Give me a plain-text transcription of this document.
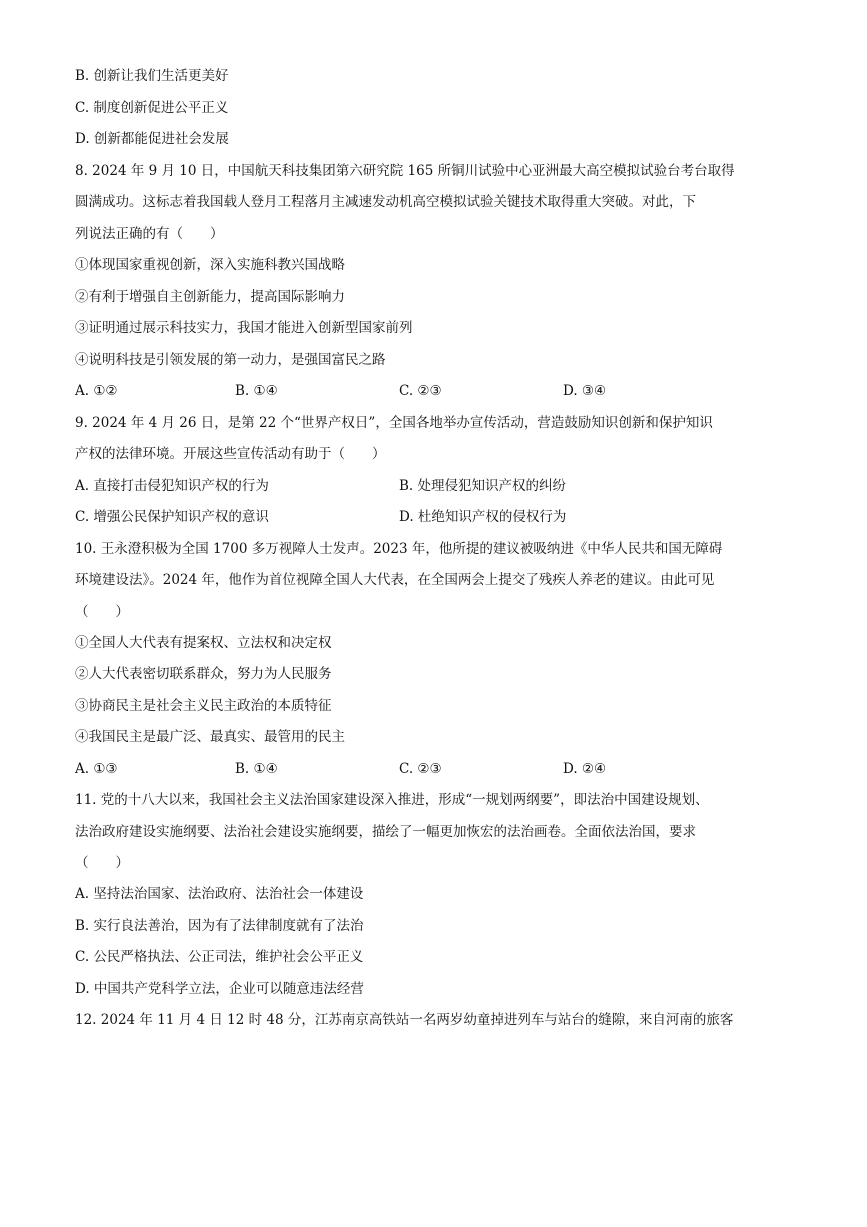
B. 创新让我们生活更美好
C. 制度创新促进公平正义
D. 创新都能促进社会发展
8. 2024 年 9 月 10 日，中国航天科技集团第六研究院 165 所铜川试验中心亚洲最大高空模拟试验台考台取得
圆满成功。这标志着我国载人登月工程落月主减速发动机高空模拟试验关键技术取得重大突破。对此，下
列说法正确的有（　　）
①体现国家重视创新，深入实施科教兴国战略
②有利于增强自主创新能力，提高国际影响力
③证明通过展示科技实力，我国才能进入创新型国家前列
④说明科技是引领发展的第一动力，是强国富民之路
A. ①②	B. ①④	C. ②③	D. ③④
9. 2024 年 4 月 26 日，是第 22 个“世界产权日”，全国各地举办宣传活动，营造鼓励知识创新和保护知识
产权的法律环境。开展这些宣传活动有助于（　　）
A. 直接打击侵犯知识产权的行为	B. 处理侵犯知识产权的纠纷
C. 增强公民保护知识产权的意识	D. 杜绝知识产权的侵权行为
10. 王永澄积极为全国 1700 多万视障人士发声。2023 年，他所提的建议被吸纳进《中华人民共和国无障碍
环境建设法》。2024 年，他作为首位视障全国人大代表，在全国两会上提交了残疾人养老的建议。由此可见
（　　）
①全国人大代表有提案权、立法权和决定权
②人大代表密切联系群众，努力为人民服务
③协商民主是社会主义民主政治的本质特征
④我国民主是最广泛、最真实、最管用的民主
A. ①③	B. ①④	C. ②③	D. ②④
11. 党的十八大以来，我国社会主义法治国家建设深入推进，形成“一规划两纲要”，即法治中国建设规划、
法治政府建设实施纲要、法治社会建设实施纲要，描绘了一幅更加恢宏的法治画卷。全面依法治国，要求
（　　）
A. 坚持法治国家、法治政府、法治社会一体建设
B. 实行良法善治，因为有了法律制度就有了法治
C. 公民严格执法、公正司法，维护社会公平正义
D. 中国共产党科学立法，企业可以随意违法经营
12. 2024 年 11 月 4 日 12 时 48 分，江苏南京高铁站一名两岁幼童掉进列车与站台的缝隙，来自河南的旅客
